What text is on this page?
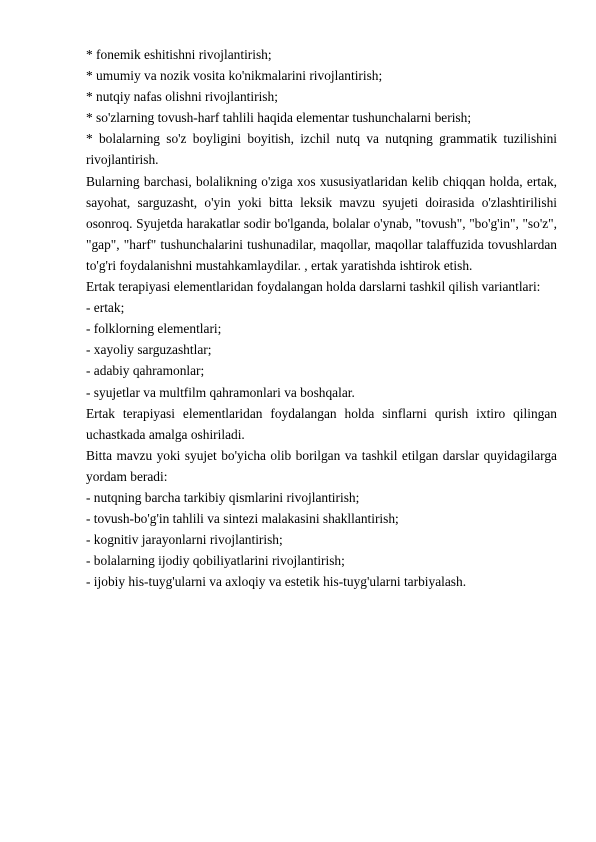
* fonemik eshitishni rivojlantirish;
* umumiy va nozik vosita ko'nikmalarini rivojlantirish;
* nutqiy nafas olishni rivojlantirish;
* so'zlarning tovush-harf tahlili haqida elementar tushunchalarni berish;

* bolalarning so'z boyligini boyitish, izchil nutq va nutqning grammatik tuzilishini rivojlantirish.

Bularning barchasi, bolalikning o'ziga xos xususiyatlaridan kelib chiqqan holda, ertak, sayohat, sarguzasht, o'yin yoki bitta leksik mavzu syujeti doirasida o'zlashtirilishi osonroq. Syujetda harakatlar sodir bo'lganda, bolalar o'ynab, "tovush", "bo'g'in", "so'z", "gap", "harf" tushunchalarini tushunadilar, maqollar, maqollar talaffuzida tovushlardan to'g'ri foydalanishni mustahkamlaydilar. , ertak yaratishda ishtirok etish.

Ertak terapiyasi elementlaridan foydalangan holda darslarni tashkil qilish variantlari:

- ertak;
- folklorning elementlari;
- xayoliy sarguzashtlar;
- adabiy qahramonlar;
- syujetlar va multfilm qahramonlari va boshqalar.

Ertak terapiyasi elementlaridan foydalangan holda sinflarni qurish ixtiro qilingan uchastkada amalga oshiriladi.

Bitta mavzu yoki syujet bo'yicha olib borilgan va tashkil etilgan darslar quyidagilarga yordam beradi:

- nutqning barcha tarkibiy qismlarini rivojlantirish;
- tovush-bo'g'in tahlili va sintezi malakasini shakllantirish;
- kognitiv jarayonlarni rivojlantirish;
- bolalarning ijodiy qobiliyatlarini rivojlantirish;
- ijobiy his-tuyg'ularni va axloqiy va estetik his-tuyg'ularni tarbiyalash.
